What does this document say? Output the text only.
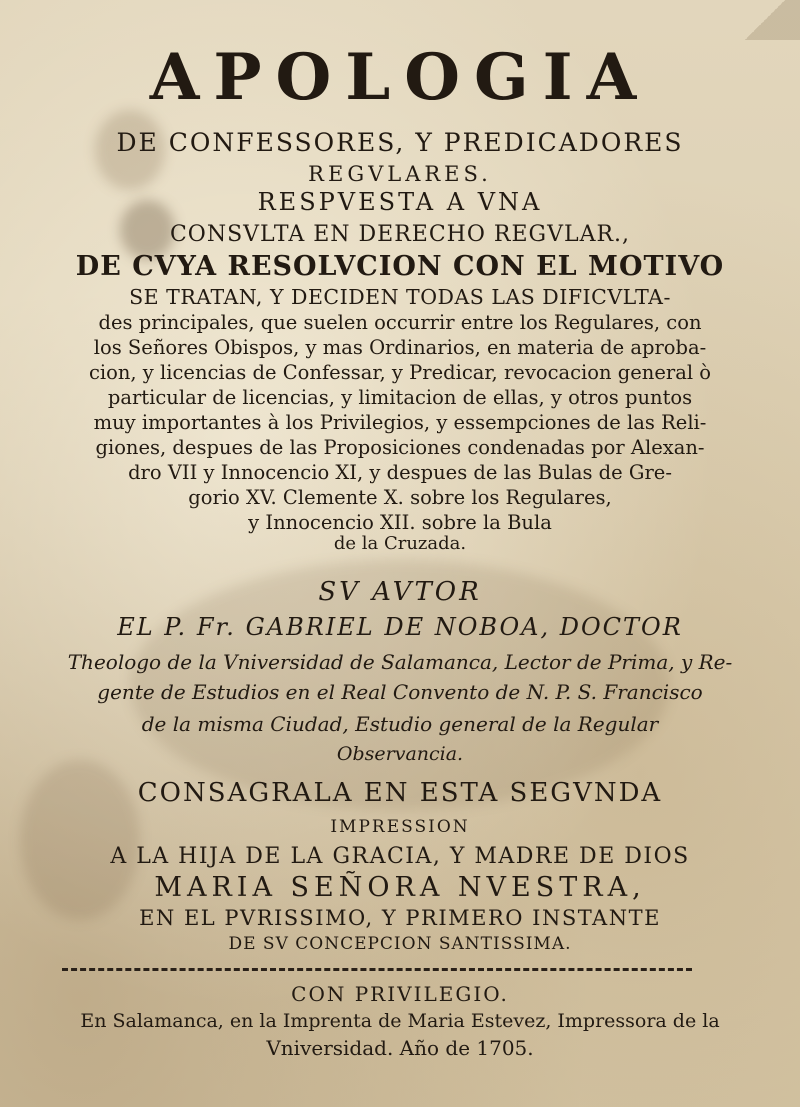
APOLOGIA
DE CONFESSORES, Y PREDICADORES
REGVLARES.
RESPVESTA A VNA
CONSVLTA EN DERECHO REGVLAR.,
DE CVYA RESOLVCION CON EL MOTIVO
SE TRATAN, Y DECIDEN TODAS LAS DIFICVLTA-
des principales, que suelen occurrir entre los Regulares, con
los Señores Obispos, y mas Ordinarios, en materia de aproba-
cion, y licencias de Confessar, y Predicar, revocacion general ò
particular de licencias, y limitacion de ellas, y otros puntos
muy importantes à los Privilegios, y essempciones de las Reli-
giones, despues de las Proposiciones condenadas por Alexan-
dro VII y Innocencio XI, y despues de las Bulas de Gre-
gorio XV. Clemente X. sobre los Regulares,
y Innocencio XII. sobre la Bula
de la Cruzada.
SV AVTOR
EL P. Fr. GABRIEL DE NOBOA, DOCTOR
Theologo de la Vniversidad de Salamanca, Lector de Prima, y Re-
gente de Estudios en el Real Convento de N. P. S. Francisco
de la misma Ciudad, Estudio general de la Regular
Observancia.
CONSAGRALA EN ESTA SEGVNDA
IMPRESSION
A LA HIJA DE LA GRACIA, Y MADRE DE DIOS
MARIA SEÑORA NVESTRA,
EN EL PVRISSIMO, Y PRIMERO INSTANTE
DE SV CONCEPCION SANTISSIMA.
CON PRIVILEGIO.
En Salamanca, en la Imprenta de Maria Estevez, Impressora de la
Vniversidad. Año de 1705.
